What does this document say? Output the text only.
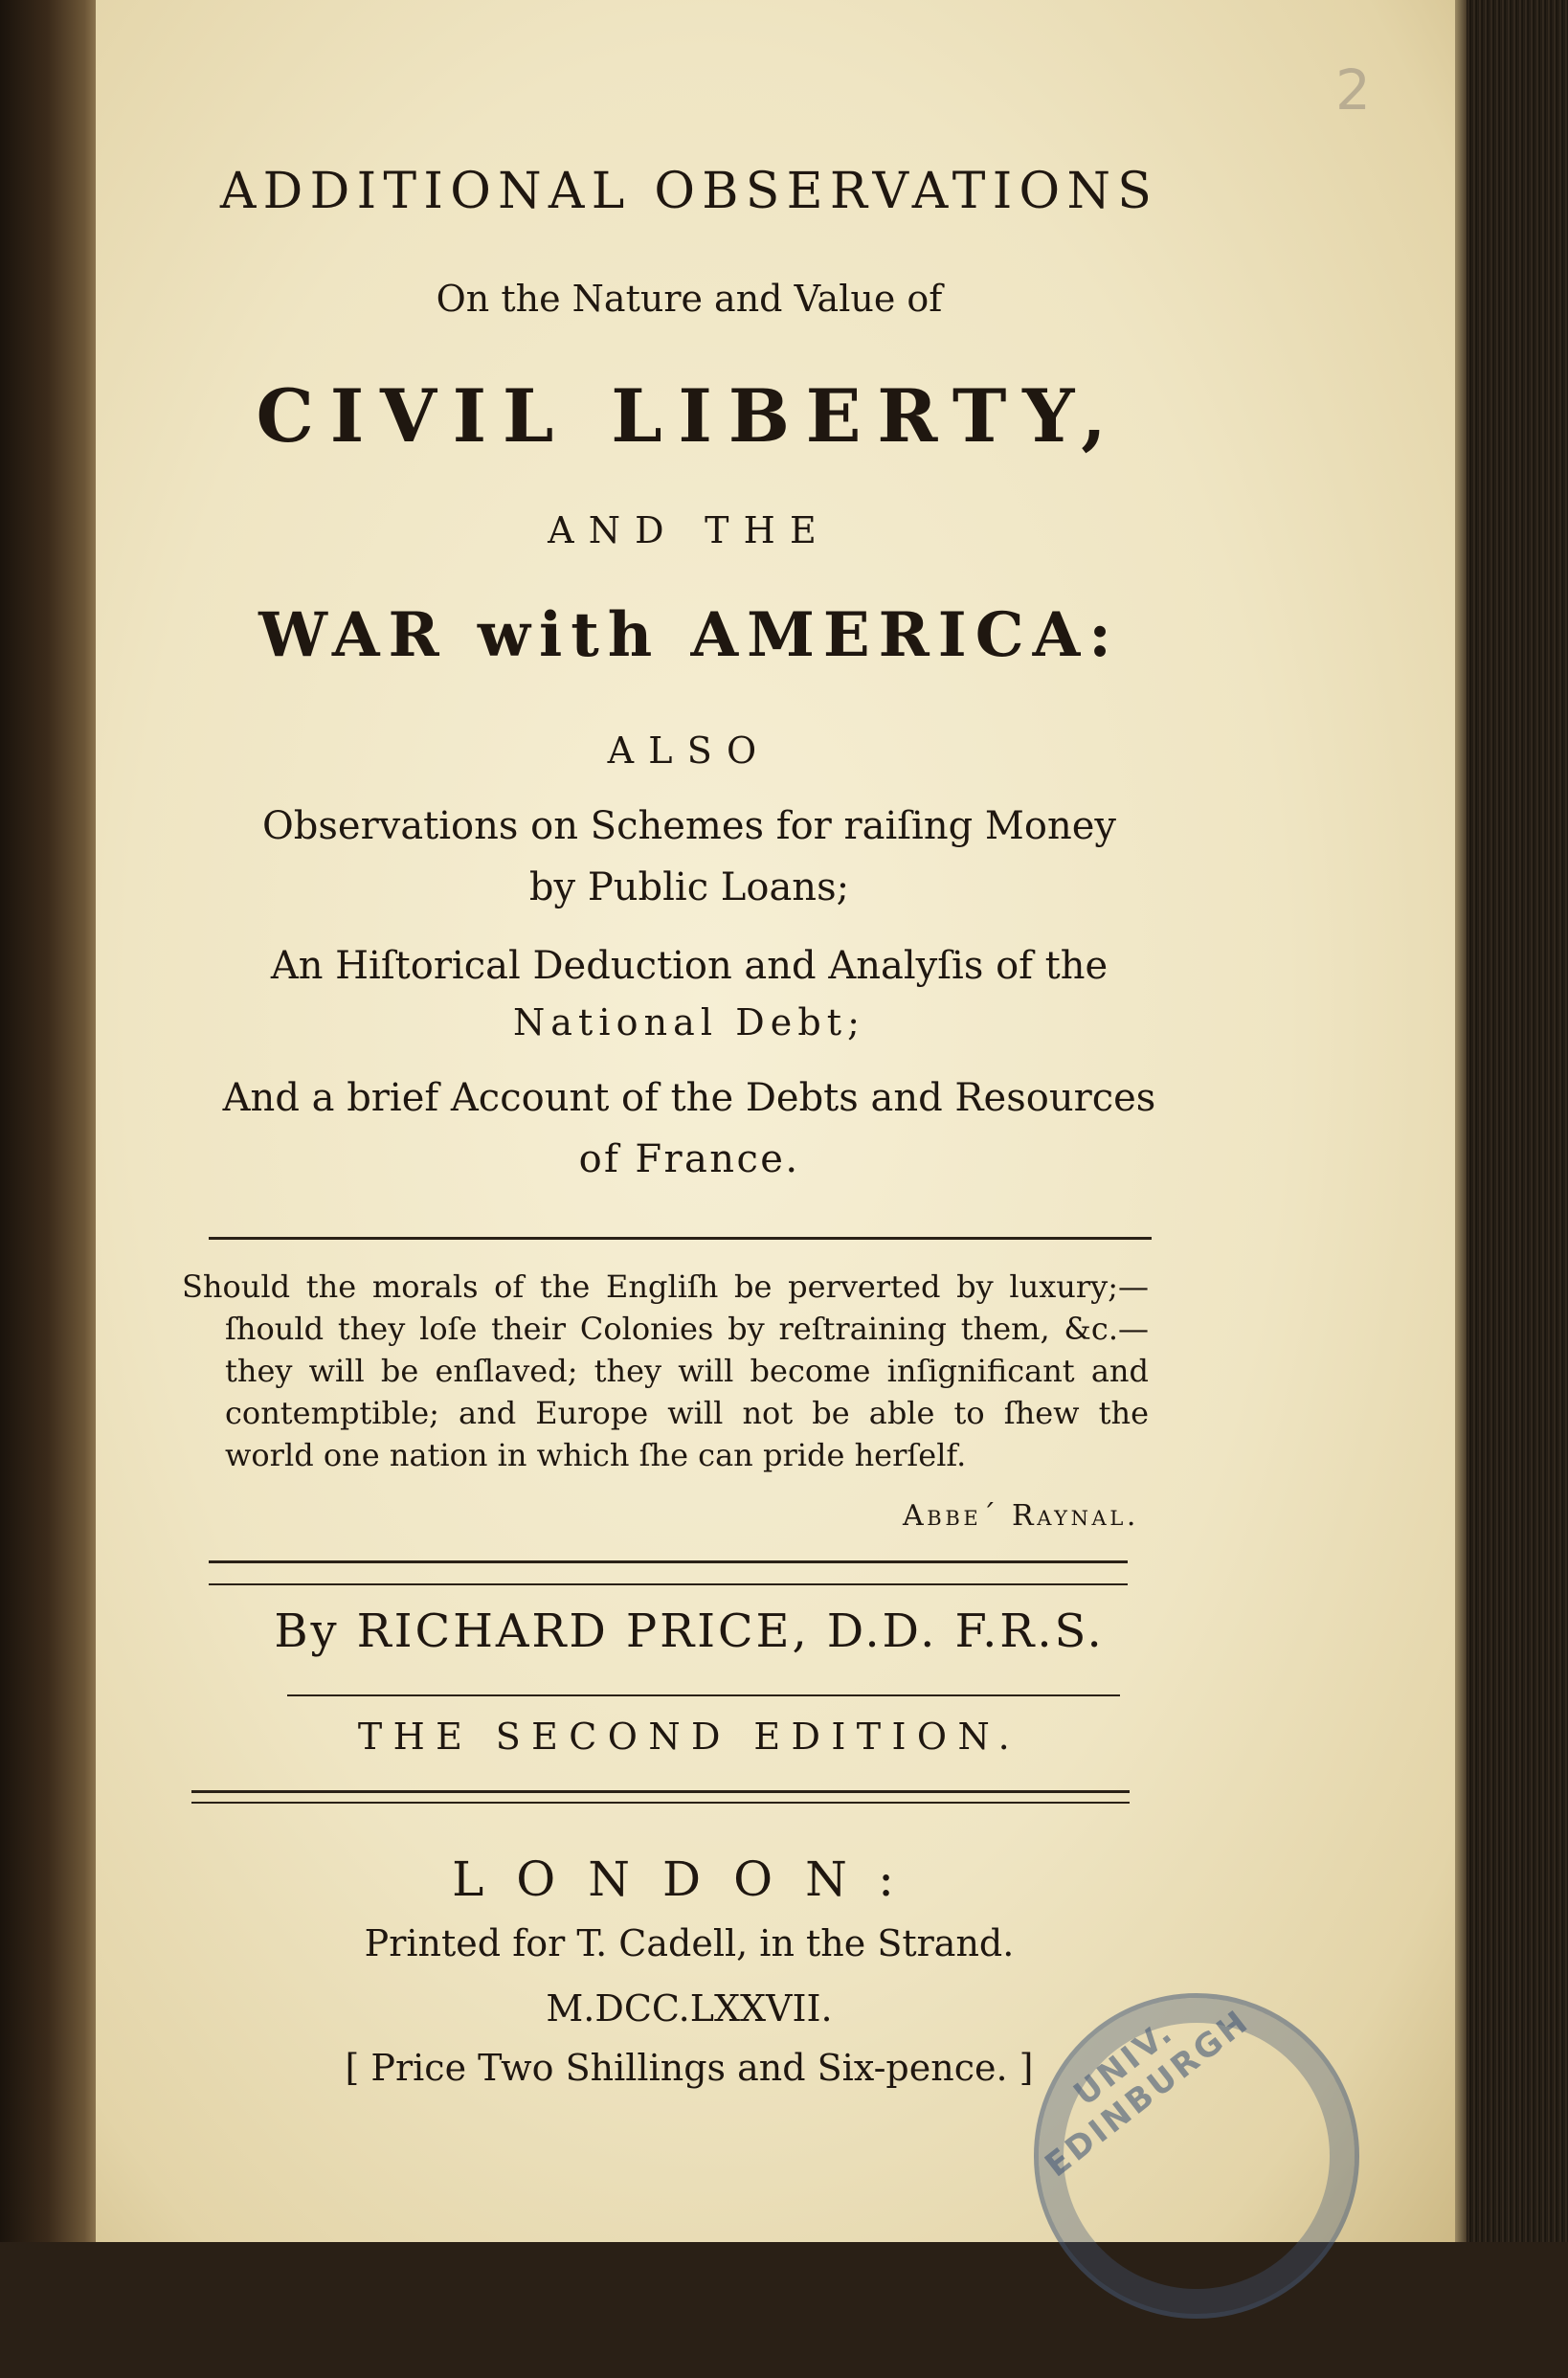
2
ADDITIONAL OBSERVATIONS
On the Nature and Value of
CIVIL LIBERTY,
AND THE
WAR with AMERICA:
ALSO
Observations on Schemes for raiſing Money
by Public Loans;
An Hiſtorical Deduction and Analyſis of the
National Debt;
And a brief Account of the Debts and Resources
of France.
Should the morals of the Engliſh be perverted by luxury;—
ſhould they loſe their Colonies by reſtraining them, &c.—
they will be enſlaved; they will become inſignificant and
contemptible; and Europe will not be able to ſhew the
world one nation in which ſhe can pride herſelf.
Abbe´ Raynal.
By RICHARD PRICE, D.D. F.R.S.
THE SECOND EDITION.
LONDON:
Printed for T. Cadell, in the Strand.
M.DCC.LXXVII.
[ Price Two Shillings and Six-pence. ]	UNIV. EDINBURGH
